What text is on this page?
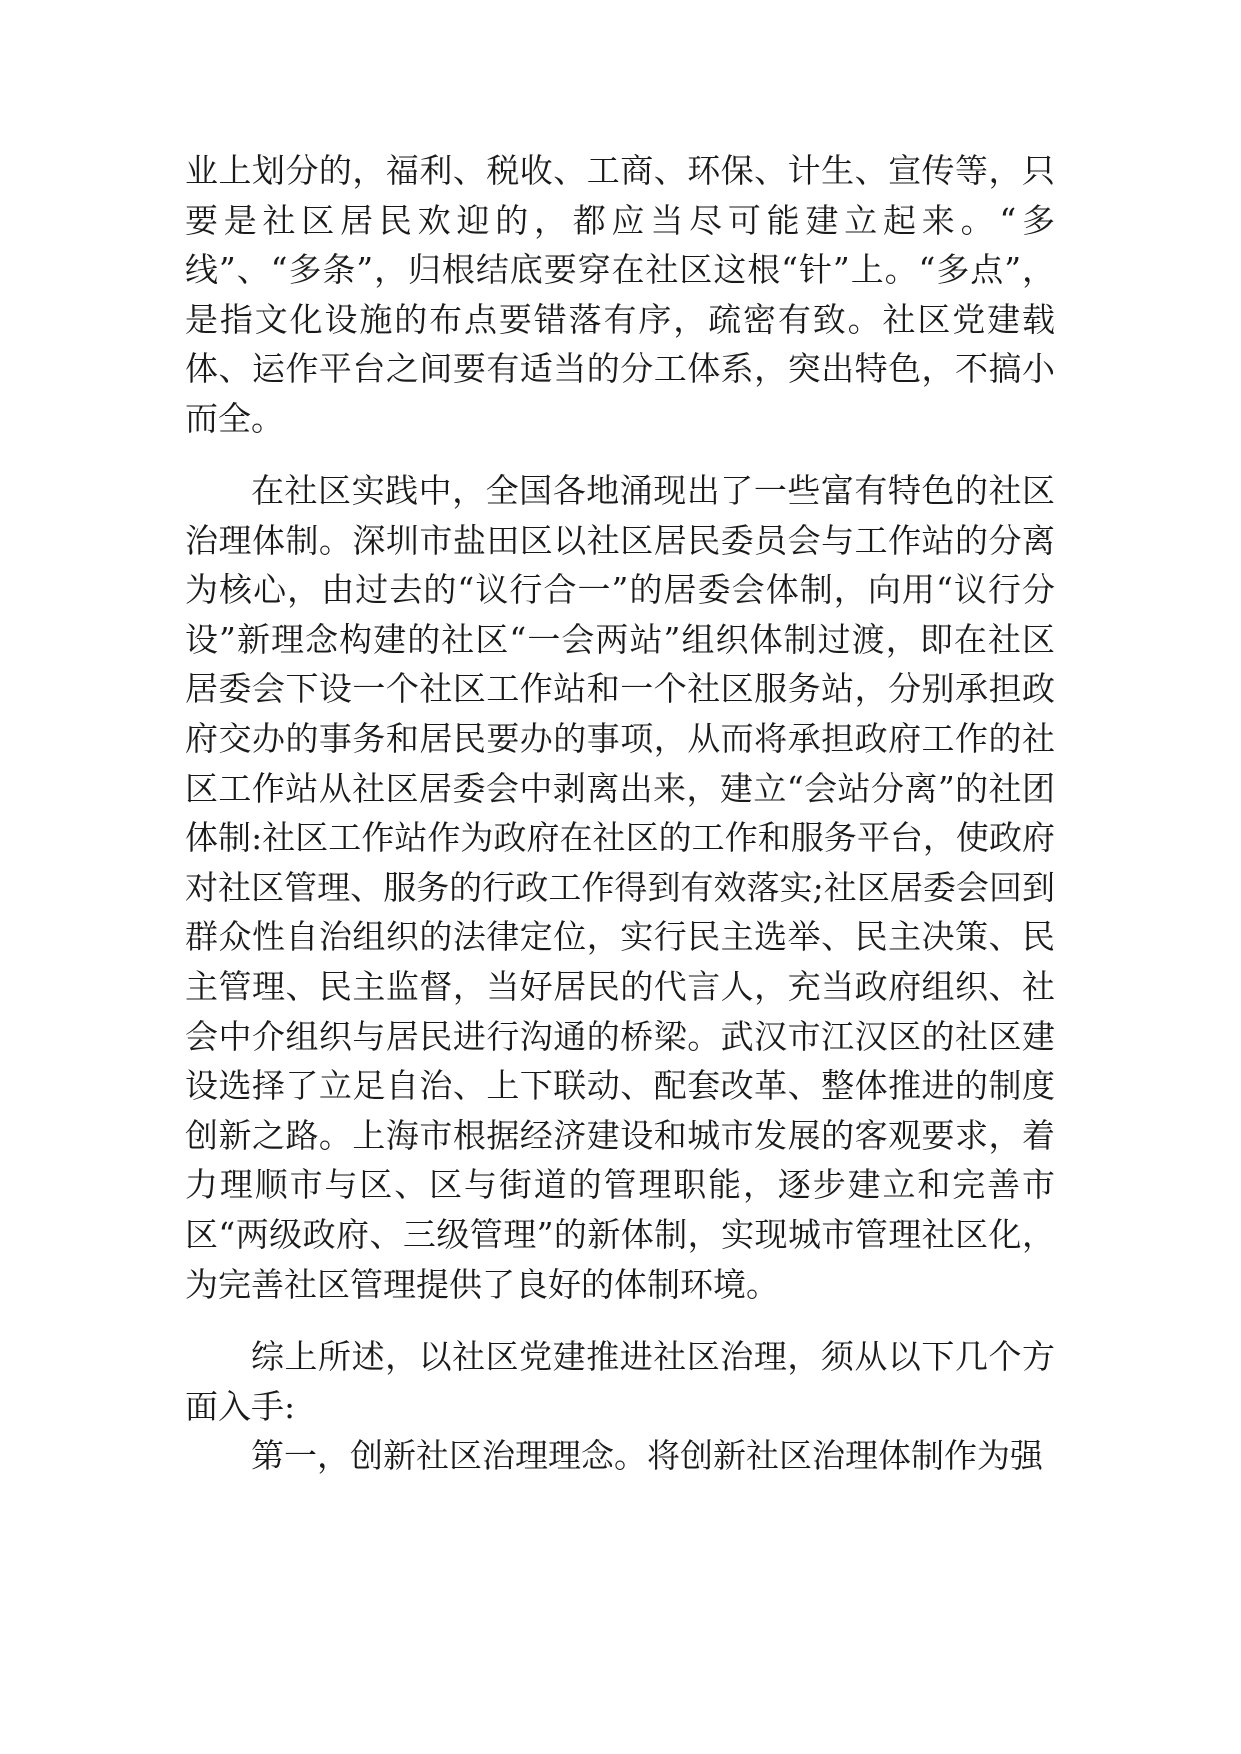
业上划分的，福利、税收、工商、环保、计生、宣传等，只要是社区居民欢迎的，都应当尽可能建立起来。“多线”、“多条”，归根结底要穿在社区这根“针”上。“多点”，是指文化设施的布点要错落有序，疏密有致。社区党建载体、运作平台之间要有适当的分工体系，突出特色，不搞小而全。

在社区实践中，全国各地涌现出了一些富有特色的社区治理体制。深圳市盐田区以社区居民委员会与工作站的分离为核心，由过去的“议行合一”的居委会体制，向用“议行分设”新理念构建的社区“一会两站”组织体制过渡，即在社区居委会下设一个社区工作站和一个社区服务站，分别承担政府交办的事务和居民要办的事项，从而将承担政府工作的社区工作站从社区居委会中剥离出来，建立“会站分离”的社团体制:社区工作站作为政府在社区的工作和服务平台，使政府对社区管理、服务的行政工作得到有效落实;社区居委会回到群众性自治组织的法律定位，实行民主选举、民主决策、民主管理、民主监督，当好居民的代言人，充当政府组织、社会中介组织与居民进行沟通的桥梁。武汉市江汉区的社区建设选择了立足自治、上下联动、配套改革、整体推进的制度创新之路。上海市根据经济建设和城市发展的客观要求，着力理顺市与区、区与街道的管理职能，逐步建立和完善市区“两级政府、三级管理”的新体制，实现城市管理社区化，为完善社区管理提供了良好的体制环境。

综上所述，以社区党建推进社区治理，须从以下几个方面入手:

第一，创新社区治理理念。将创新社区治理体制作为强
